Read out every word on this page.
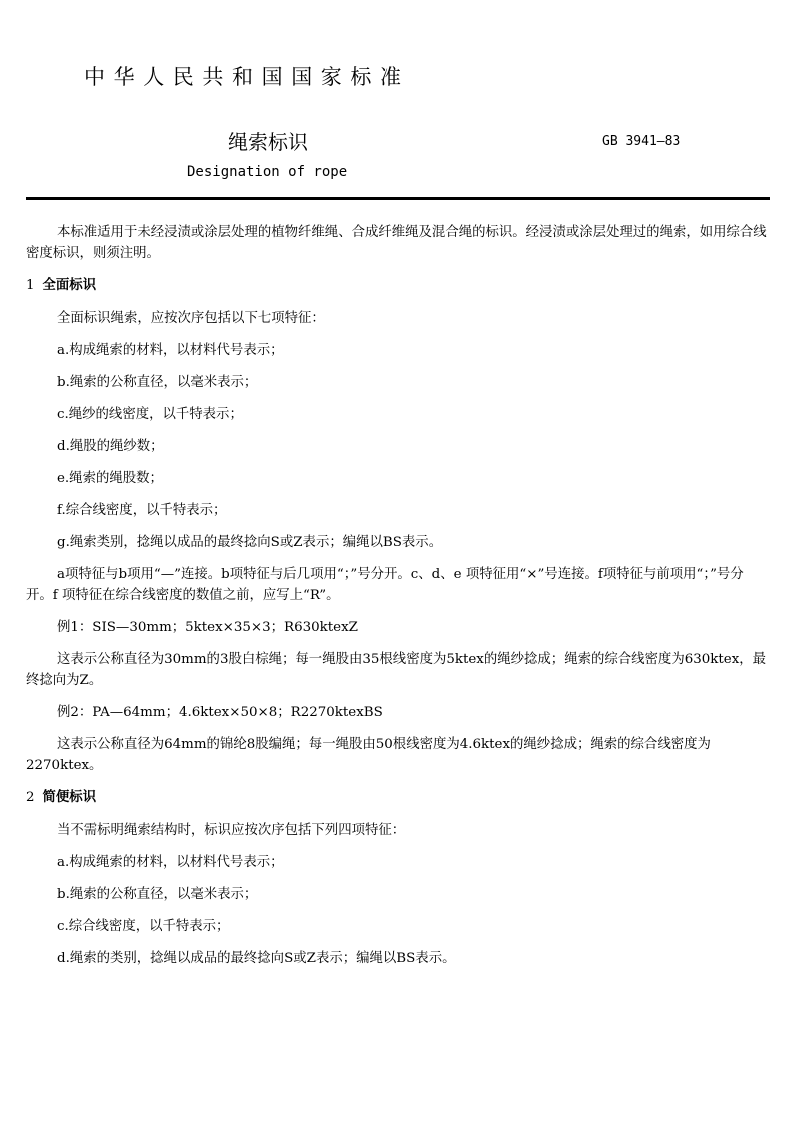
中华人民共和国国家标准
绳索标识	GB 3941—83
Designation of rope

本标准适用于未经浸渍或涂层处理的植物纤维绳、合成纤维绳及混合绳的标识。经浸渍或涂层处理过的绳索，如用综合线密度标识，则须注明。

1 全面标识

全面标识绳索，应按次序包括以下七项特征：

a.构成绳索的材料，以材料代号表示；

b.绳索的公称直径，以毫米表示；

c.绳纱的线密度，以千特表示；

d.绳股的绳纱数；

e.绳索的绳股数；

f.综合线密度，以千特表示；

g.绳索类别，捻绳以成品的最终捻向S或Z表示；编绳以BS表示。

a项特征与b项用“—”连接。b项特征与后几项用“；”号分开。c、d、e 项特征用“×”号连接。f项特征与前项用“；”号分开。f 项特征在综合线密度的数值之前，应写上“R”。

例1：SIS—30mm；5ktex×35×3；R630ktexZ

这表示公称直径为30mm的3股白棕绳；每一绳股由35根线密度为5ktex的绳纱捻成；绳索的综合线密度为630ktex，最终捻向为Z。

例2：PA—64mm；4.6ktex×50×8；R2270ktexBS

这表示公称直径为64mm的锦纶8股编绳；每一绳股由50根线密度为4.6ktex的绳纱捻成；绳索的综合线密度为2270ktex。

2 简便标识

当不需标明绳索结构时，标识应按次序包括下列四项特征：

a.构成绳索的材料，以材料代号表示；

b.绳索的公称直径，以毫米表示；

c.综合线密度，以千特表示；

d.绳索的类别，捻绳以成品的最终捻向S或Z表示；编绳以BS表示。
